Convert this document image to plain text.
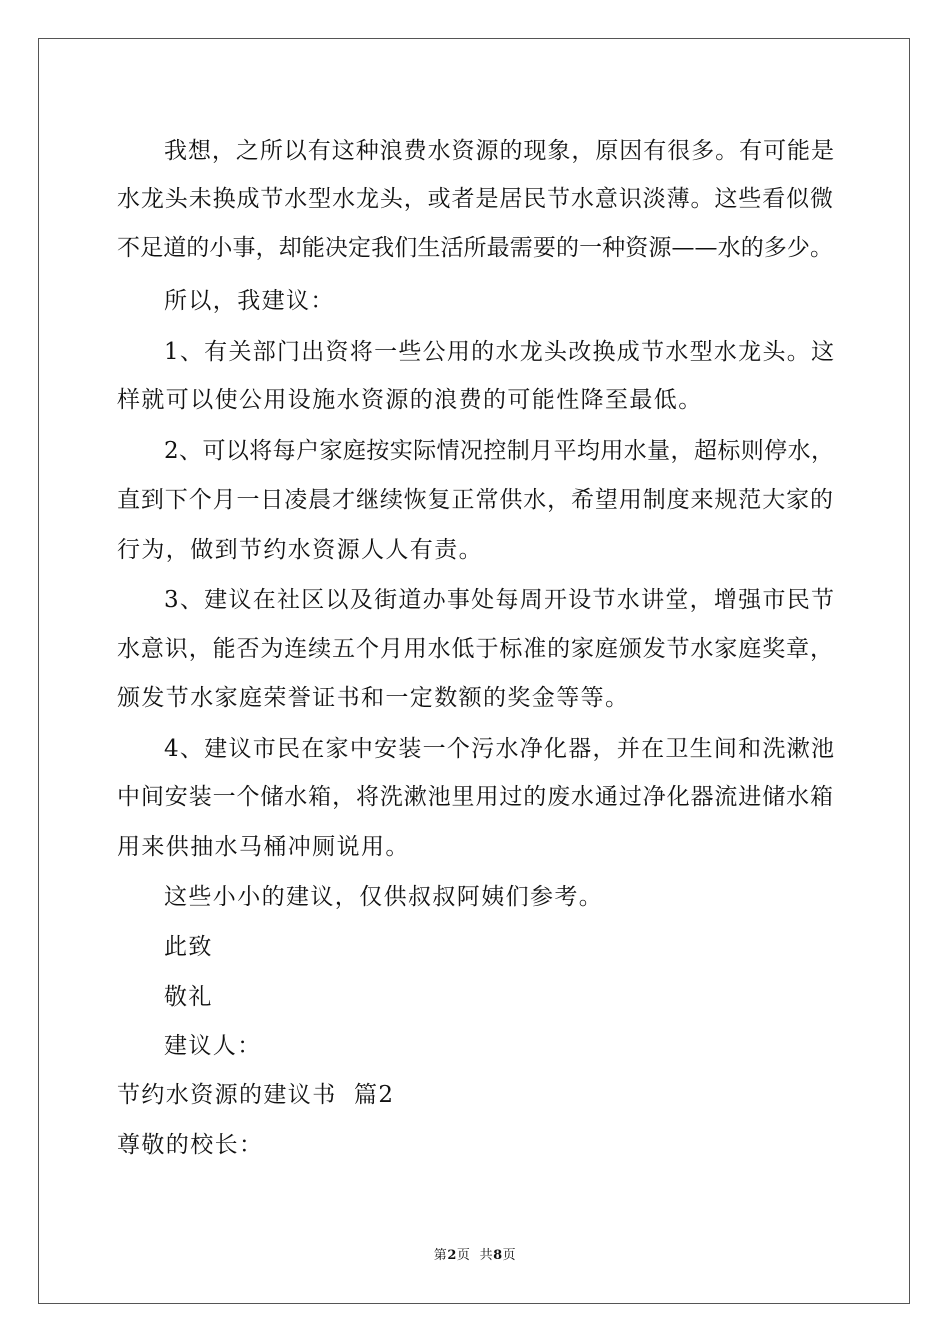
我想，之所以有这种浪费水资源的现象，原因有很多。有可能是
水龙头未换成节水型水龙头，或者是居民节水意识淡薄。这些看似微
不足道的小事，却能决定我们生活所最需要的一种资源——水的多少。
所以，我建议：
1、有关部门出资将一些公用的水龙头改换成节水型水龙头。这
样就可以使公用设施水资源的浪费的可能性降至最低。
2、可以将每户家庭按实际情况控制月平均用水量，超标则停水，
直到下个月一日凌晨才继续恢复正常供水，希望用制度来规范大家的
行为，做到节约水资源人人有责。
3、建议在社区以及街道办事处每周开设节水讲堂，增强市民节
水意识，能否为连续五个月用水低于标准的家庭颁发节水家庭奖章，
颁发节水家庭荣誉证书和一定数额的奖金等等。
4、建议市民在家中安装一个污水净化器，并在卫生间和洗漱池
中间安装一个储水箱，将洗漱池里用过的废水通过净化器流进储水箱
用来供抽水马桶冲厕说用。
这些小小的建议，仅供叔叔阿姨们参考。
此致
敬礼
建议人：
节约水资源的建议书  篇2
尊敬的校长：
第2页  共8页
